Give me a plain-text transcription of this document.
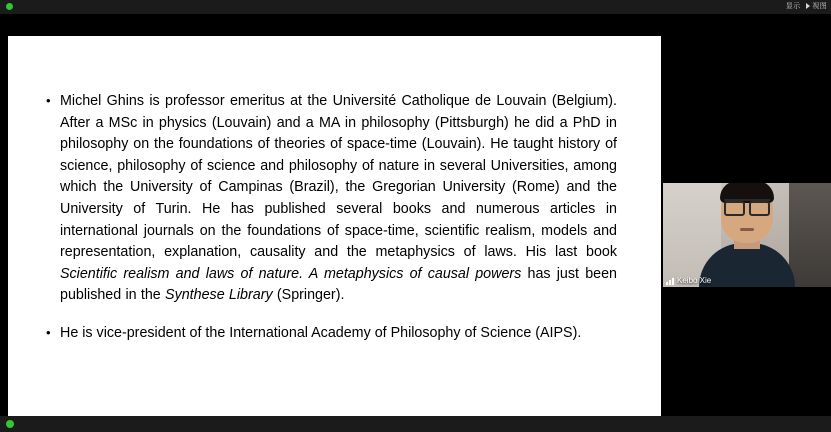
显示	视图
• Michel Ghins is professor emeritus at the Université Catholique de Louvain (Belgium). After a MSc in physics (Louvain) and a MA in philosophy (Pittsburgh) he did a PhD in philosophy on the foundations of theories of space-time (Louvain). He taught history of science, philosophy of science and philosophy of nature in several Universities, among which the University of Campinas (Brazil), the Gregorian University (Rome) and the University of Turin. He has published several books and numerous articles in international journals on the foundations of space-time, scientific realism, models and representation, explanation, causality and the metaphysics of laws. His last book Scientific realism and laws of nature. A metaphysics of causal powers has just been published in the Synthese Library (Springer).
• He is vice-president of the International Academy of Philosophy of Science (AIPS).
Keibo Xie
